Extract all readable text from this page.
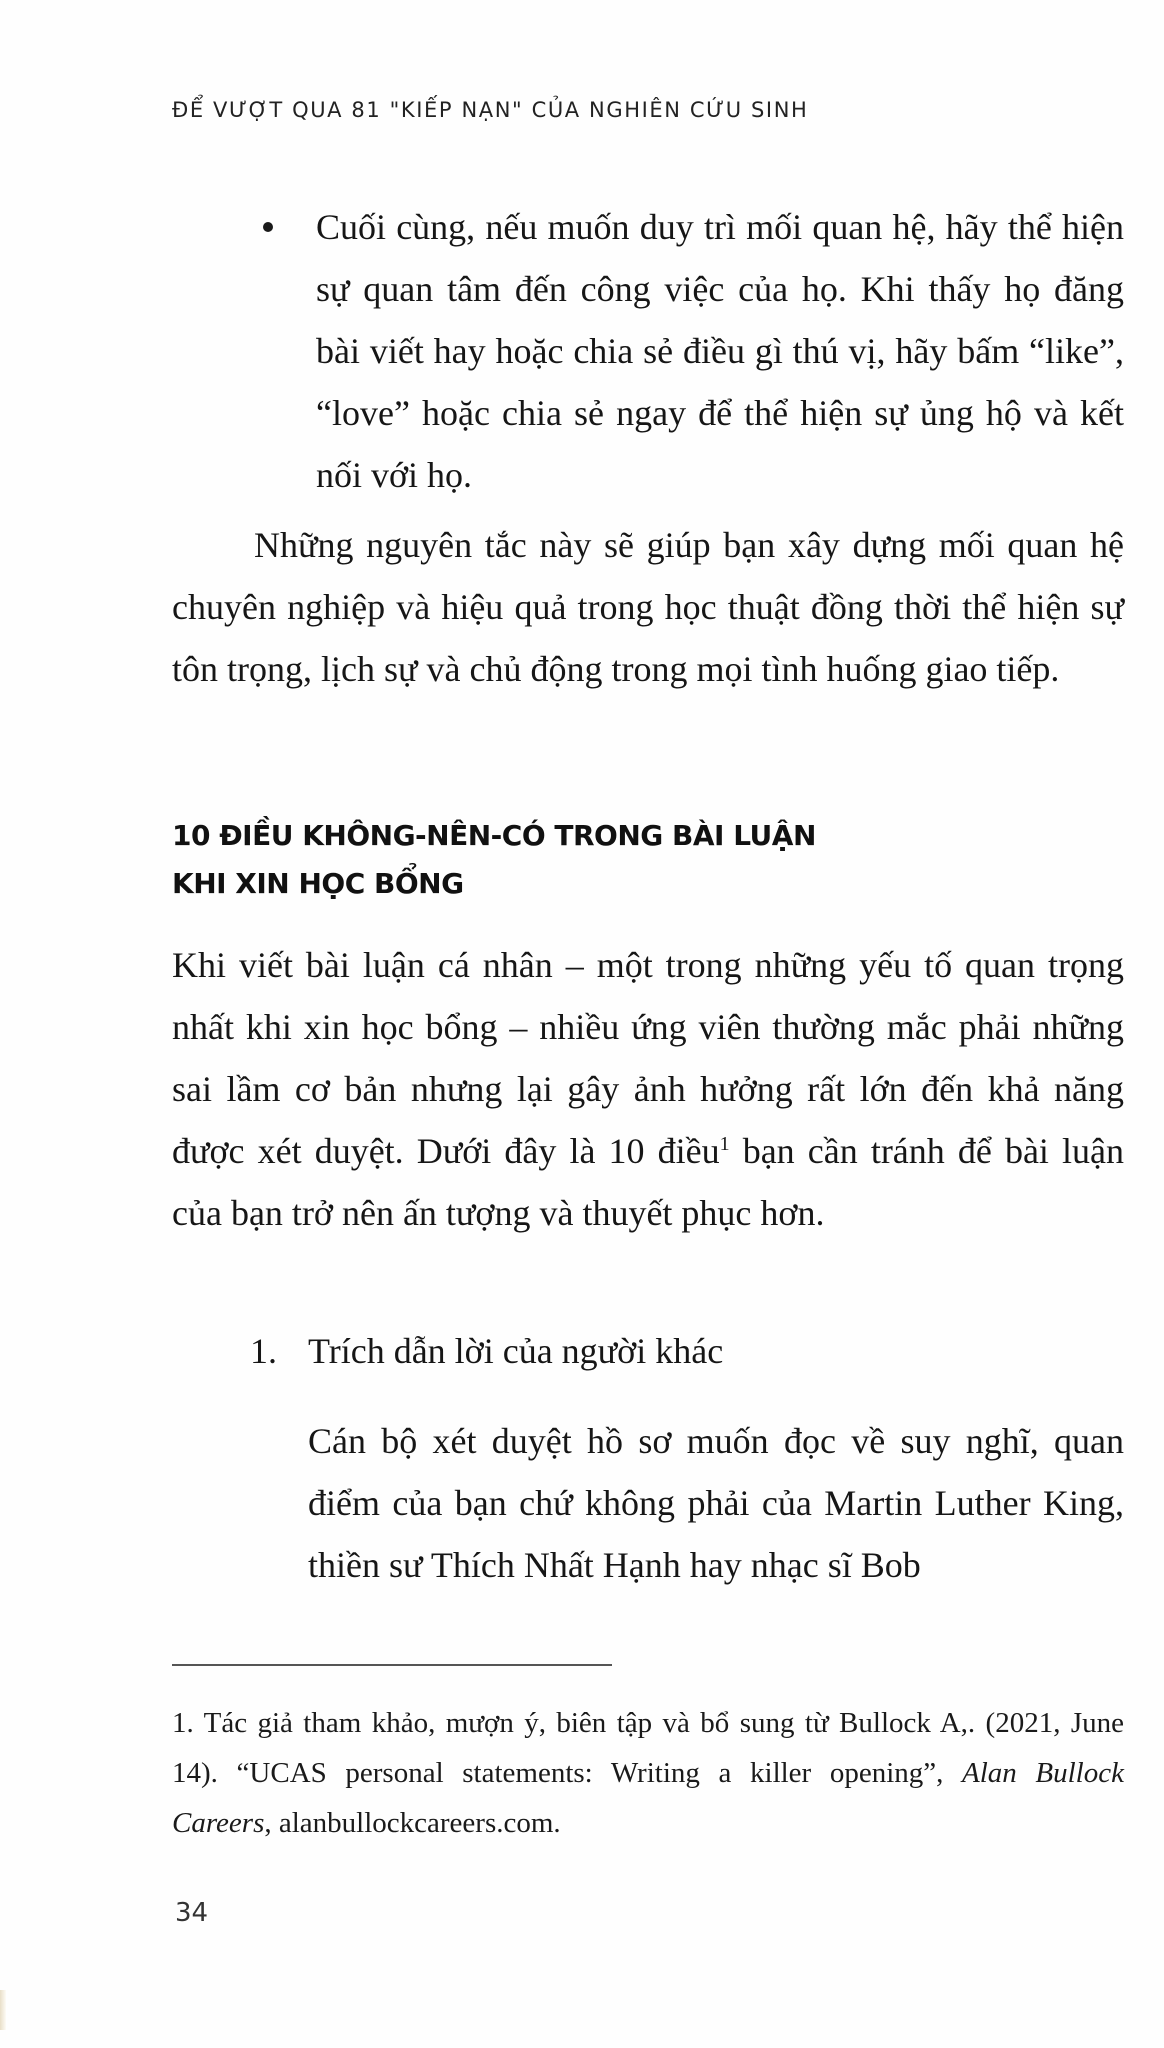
ĐỂ VƯỢT QUA 81 "KIẾP NẠN" CỦA NGHIÊN CỨU SINH
Cuối cùng, nếu muốn duy trì mối quan hệ, hãy thể hiện sự quan tâm đến công việc của họ. Khi thấy họ đăng bài viết hay hoặc chia sẻ điều gì thú vị, hãy bấm “like”, “love” hoặc chia sẻ ngay để thể hiện sự ủng hộ và kết nối với họ.
Những nguyên tắc này sẽ giúp bạn xây dựng mối quan hệ chuyên nghiệp và hiệu quả trong học thuật đồng thời thể hiện sự tôn trọng, lịch sự và chủ động trong mọi tình huống giao tiếp.
10 ĐIỀU KHÔNG-NÊN-CÓ TRONG BÀI LUẬN
KHI XIN HỌC BỔNG
Khi viết bài luận cá nhân – một trong những yếu tố quan trọng nhất khi xin học bổng – nhiều ứng viên thường mắc phải những sai lầm cơ bản nhưng lại gây ảnh hưởng rất lớn đến khả năng được xét duyệt. Dưới đây là 10 điều$^1$ bạn cần tránh để bài luận của bạn trở nên ấn tượng và thuyết phục hơn.
1. Trích dẫn lời của người khác
Cán bộ xét duyệt hồ sơ muốn đọc về suy nghĩ, quan điểm của bạn chứ không phải của Martin Luther King, thiền sư Thích Nhất Hạnh hay nhạc sĩ Bob
1. Tác giả tham khảo, mượn ý, biên tập và bổ sung từ Bullock A,. (2021, June 14). “UCAS personal statements: Writing a killer opening”, Alan Bullock Careers, alanbullockcareers.com.
34
